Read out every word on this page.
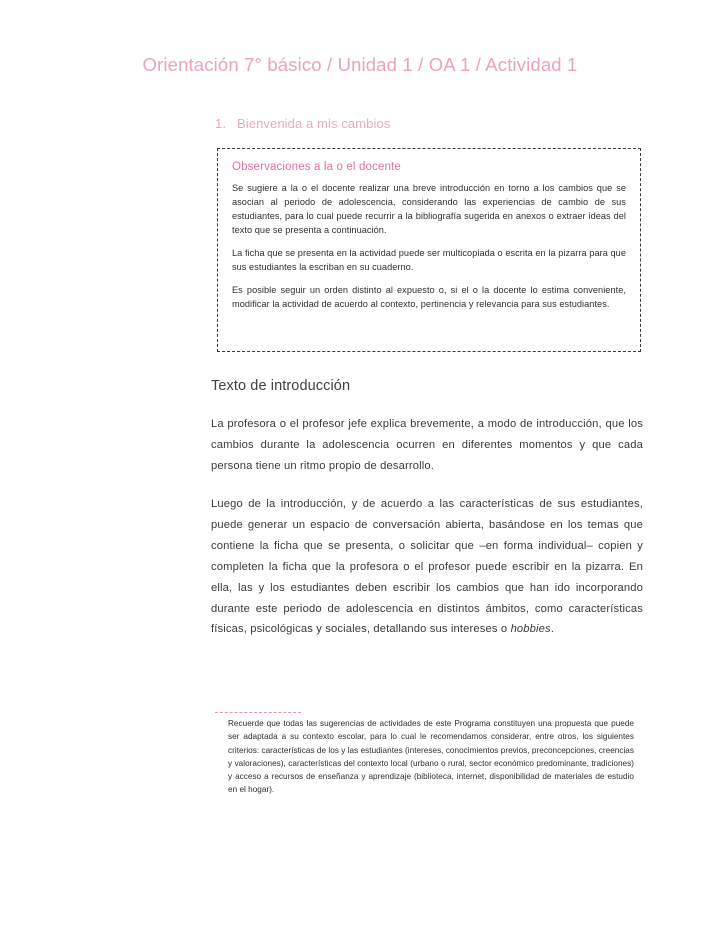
Orientación 7° básico / Unidad 1 / OA 1 / Actividad 1
1. Bienvenida a mis cambios
Observaciones a la o el docente

Se sugiere a la o el docente realizar una breve introducción en torno a los cambios que se asocian al periodo de adolescencia, considerando las experiencias de cambio de sus estudiantes, para lo cual puede recurrir a la bibliografía sugerida en anexos o extraer ideas del texto que se presenta a continuación.

La ficha que se presenta en la actividad puede ser multicopiada o escrita en la pizarra para que sus estudiantes la escriban en su cuaderno.

Es posible seguir un orden distinto al expuesto o, si el o la docente lo estima conveniente, modificar la actividad de acuerdo al contexto, pertinencia y relevancia para sus estudiantes.

Texto de introducción

La profesora o el profesor jefe explica brevemente, a modo de introducción, que los cambios durante la adolescencia ocurren en diferentes momentos y que cada persona tiene un ritmo propio de desarrollo.

Luego de la introducción, y de acuerdo a las características de sus estudiantes, puede generar un espacio de conversación abierta, basándose en los temas que contiene la ficha que se presenta, o solicitar que –en forma individual– copien y completen la ficha que la profesora o el profesor puede escribir en la pizarra. En ella, las y los estudiantes deben escribir los cambios que han ido incorporando durante este periodo de adolescencia en distintos ámbitos, como características físicas, psicológicas y sociales, detallando sus intereses o hobbies.

Recuerde que todas las sugerencias de actividades de este Programa constituyen una propuesta que puede ser adaptada a su contexto escolar, para lo cual le recomendamos considerar, entre otros, los siguientes criterios: características de los y las estudiantes (intereses, conocimientos previos, preconcepciones, creencias y valoraciones), características del contexto local (urbano o rural, sector económico predominante, tradiciones) y acceso a recursos de enseñanza y aprendizaje (biblioteca, internet, disponibilidad de materiales de estudio en el hogar).
